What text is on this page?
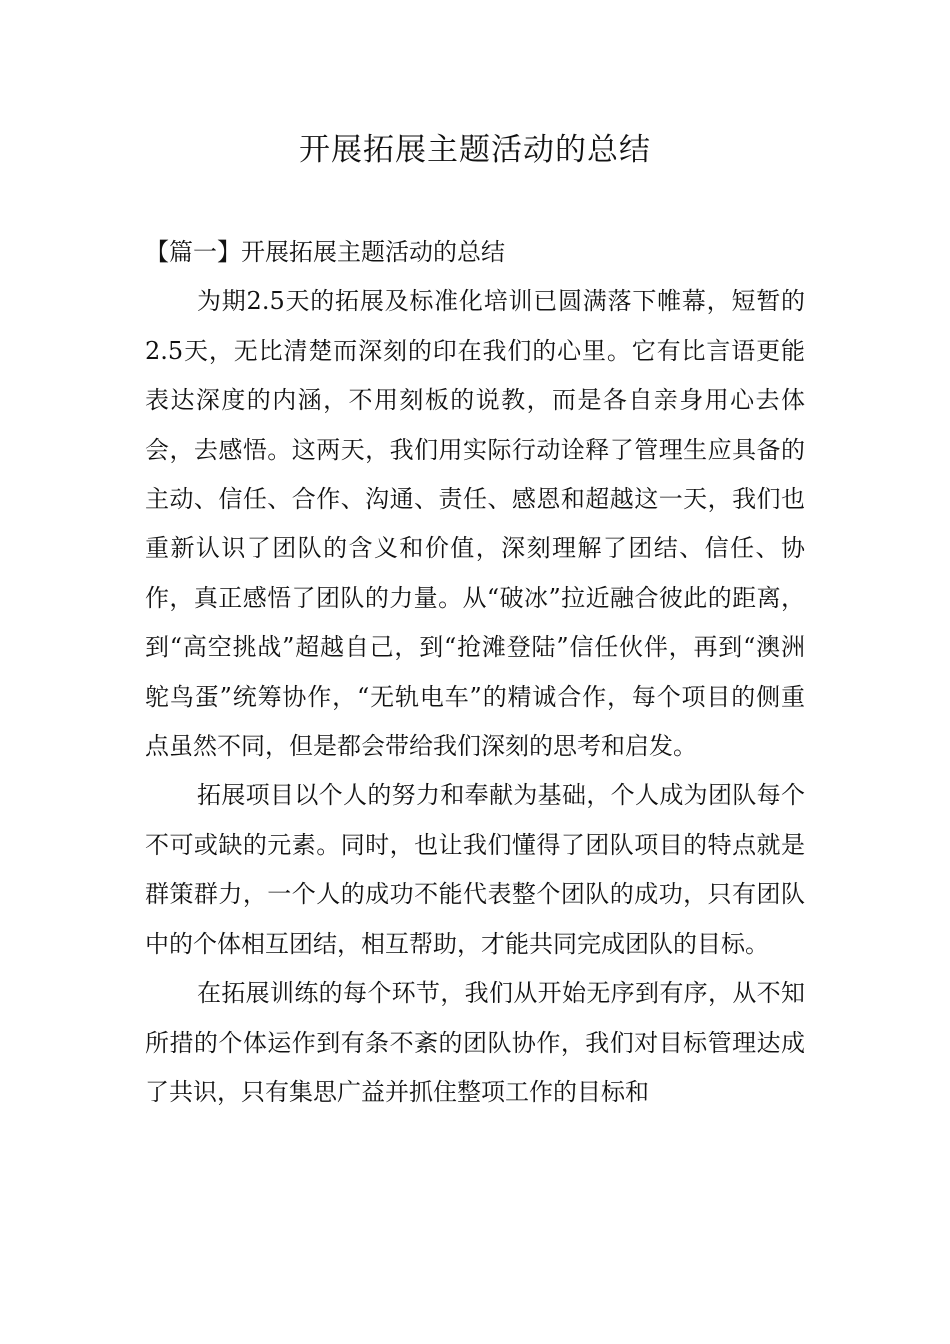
开展拓展主题活动的总结

【篇一】开展拓展主题活动的总结

为期2.5天的拓展及标准化培训已圆满落下帷幕，短暂的2.5天，无比清楚而深刻的印在我们的心里。它有比言语更能表达深度的内涵，不用刻板的说教，而是各自亲身用心去体会，去感悟。这两天，我们用实际行动诠释了管理生应具备的主动、信任、合作、沟通、责任、感恩和超越这一天，我们也重新认识了团队的含义和价值，深刻理解了团结、信任、协作，真正感悟了团队的力量。从“破冰”拉近融合彼此的距离，到“高空挑战”超越自己，到“抢滩登陆”信任伙伴，再到“澳洲鸵鸟蛋”统筹协作，“无轨电车”的精诚合作，每个项目的侧重点虽然不同，但是都会带给我们深刻的思考和启发。

拓展项目以个人的努力和奉献为基础，个人成为团队每个不可或缺的元素。同时，也让我们懂得了团队项目的特点就是群策群力，一个人的成功不能代表整个团队的成功，只有团队中的个体相互团结，相互帮助，才能共同完成团队的目标。

在拓展训练的每个环节，我们从开始无序到有序，从不知所措的个体运作到有条不紊的团队协作，我们对目标管理达成了共识，只有集思广益并抓住整项工作的目标和
